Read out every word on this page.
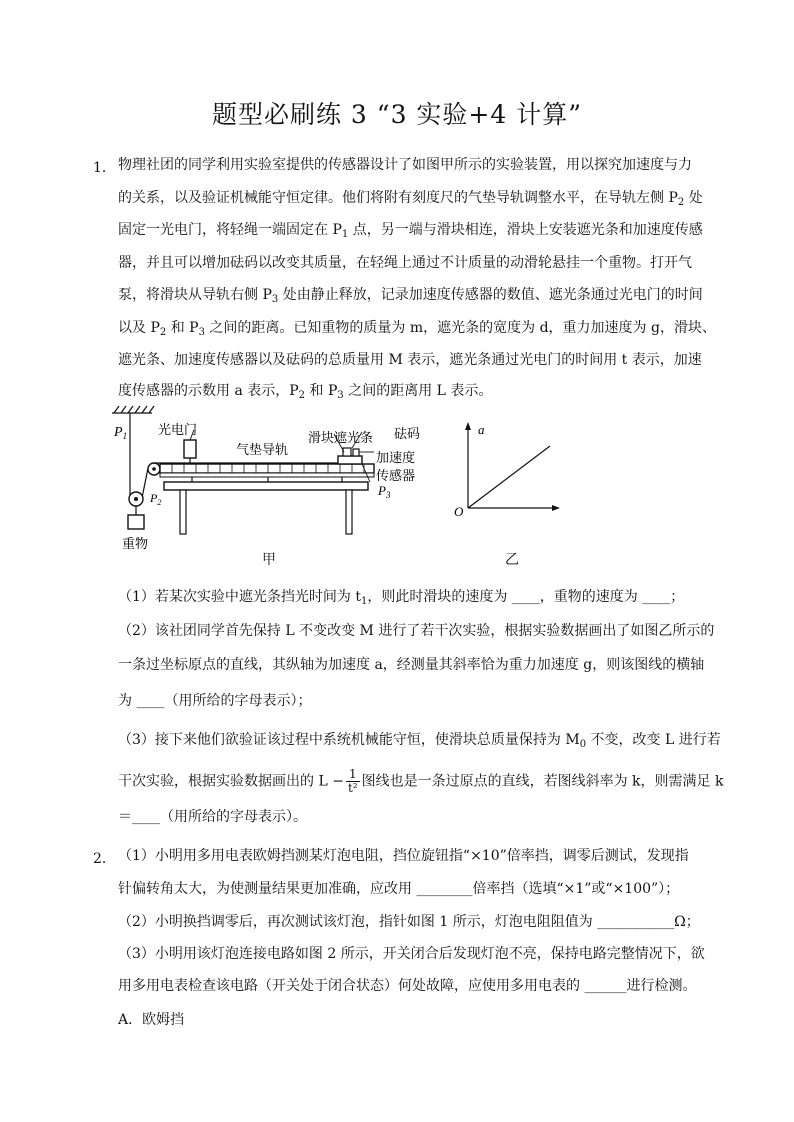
题型必刷练 3 “3 实验+4 计算”
1． 物理社团的同学利用实验室提供的传感器设计了如图甲所示的实验装置，用以探究加速度与力
的关系，以及验证机械能守恒定律。他们将附有刻度尺的气垫导轨调整水平，在导轨左侧 $P_2$ 处
固定一光电门，将轻绳一端固定在 $P_1$ 点，另一端与滑块相连，滑块上安装遮光条和加速度传感
器，并且可以增加砝码以改变其质量，在轻绳上通过不计质量的动滑轮悬挂一个重物。打开气
泵，将滑块从导轨右侧 $P_3$ 处由静止释放，记录加速度传感器的数值、遮光条通过光电门的时间
以及 $P_2$ 和 $P_3$ 之间的距离。已知重物的质量为 m，遮光条的宽度为 d，重力加速度为 g，滑块、
遮光条、加速度传感器以及砝码的总质量用 M 表示，遮光条通过光电门的时间用 t 表示，加速
度传感器的示数用 a 表示，$P_2$ 和 $P_3$ 之间的距离用 L 表示。
$P_1$ 光电门
气垫导轨
滑块遮光条 砝码
加速度
传感器
$P_3$
$P_2$
重物
甲
a
O
乙
（1）若某次实验中遮光条挡光时间为 $t_1$，则此时滑块的速度为 ____，重物的速度为 ____；
（2）该社团同学首先保持 L 不变改变 M 进行了若干次实验，根据实验数据画出了如图乙所示的
一条过坐标原点的直线，其纵轴为加速度 a，经测量其斜率恰为重力加速度 g，则该图线的横轴
为 ____（用所给的字母表示）；
（3）接下来他们欲验证该过程中系统机械能守恒，使滑块总质量保持为 $M_0$ 不变，改变 L 进行若
干次实验，根据实验数据画出的 $L - \frac{1}{\text{t²}}$ 图线也是一条过原点的直线，若图线斜率为 k，则需满足 k
＝____（用所给的字母表示）。
2． （1）小明用多用电表欧姆挡测某灯泡电阻，挡位旋钮指“×10”倍率挡，调零后测试，发现指
针偏转角太大，为使测量结果更加准确，应改用 ________倍率挡（选填“×1”或“×100”）；
（2）小明换挡调零后，再次测试该灯泡，指针如图 1 所示，灯泡电阻阻值为 ___________Ω；
（3）小明用该灯泡连接电路如图 2 所示，开关闭合后发现灯泡不亮，保持电路完整情况下，欲
用多用电表检查该电路（开关处于闭合状态）何处故障，应使用多用电表的 ______进行检测。
A．欧姆挡
